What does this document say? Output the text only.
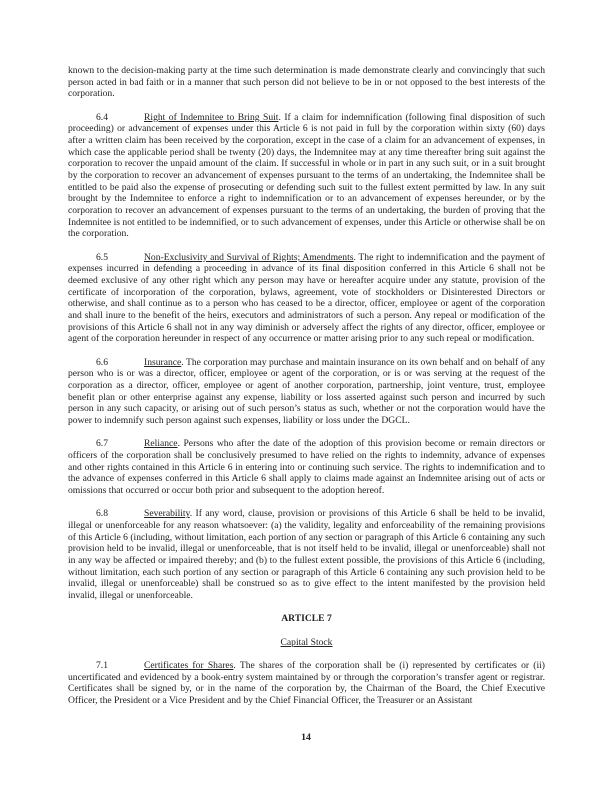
known to the decision-making party at the time such determination is made demonstrate clearly and convincingly that such person acted in bad faith or in a manner that such person did not believe to be in or not opposed to the best interests of the corporation.

6.4	Right of Indemnitee to Bring Suit. If a claim for indemnification (following final disposition of such proceeding) or advancement of expenses under this Article 6 is not paid in full by the corporation within sixty (60) days after a written claim has been received by the corporation, except in the case of a claim for an advancement of expenses, in which case the applicable period shall be twenty (20) days, the Indemnitee may at any time thereafter bring suit against the corporation to recover the unpaid amount of the claim. If successful in whole or in part in any such suit, or in a suit brought by the corporation to recover an advancement of expenses pursuant to the terms of an undertaking, the Indemnitee shall be entitled to be paid also the expense of prosecuting or defending such suit to the fullest extent permitted by law. In any suit brought by the Indemnitee to enforce a right to indemnification or to an advancement of expenses hereunder, or by the corporation to recover an advancement of expenses pursuant to the terms of an undertaking, the burden of proving that the Indemnitee is not entitled to be indemnified, or to such advancement of expenses, under this Article or otherwise shall be on the corporation.

6.5	Non-Exclusivity and Survival of Rights; Amendments. The right to indemnification and the payment of expenses incurred in defending a proceeding in advance of its final disposition conferred in this Article 6 shall not be deemed exclusive of any other right which any person may have or hereafter acquire under any statute, provision of the certificate of incorporation of the corporation, bylaws, agreement, vote of stockholders or Disinterested Directors or otherwise, and shall continue as to a person who has ceased to be a director, officer, employee or agent of the corporation and shall inure to the benefit of the heirs, executors and administrators of such a person. Any repeal or modification of the provisions of this Article 6 shall not in any way diminish or adversely affect the rights of any director, officer, employee or agent of the corporation hereunder in respect of any occurrence or matter arising prior to any such repeal or modification.

6.6	Insurance. The corporation may purchase and maintain insurance on its own behalf and on behalf of any person who is or was a director, officer, employee or agent of the corporation, or is or was serving at the request of the corporation as a director, officer, employee or agent of another corporation, partnership, joint venture, trust, employee benefit plan or other enterprise against any expense, liability or loss asserted against such person and incurred by such person in any such capacity, or arising out of such person’s status as such, whether or not the corporation would have the power to indemnify such person against such expenses, liability or loss under the DGCL.

6.7	Reliance. Persons who after the date of the adoption of this provision become or remain directors or officers of the corporation shall be conclusively presumed to have relied on the rights to indemnity, advance of expenses and other rights contained in this Article 6 in entering into or continuing such service. The rights to indemnification and to the advance of expenses conferred in this Article 6 shall apply to claims made against an Indemnitee arising out of acts or omissions that occurred or occur both prior and subsequent to the adoption hereof.

6.8	Severability. If any word, clause, provision or provisions of this Article 6 shall be held to be invalid, illegal or unenforceable for any reason whatsoever: (a) the validity, legality and enforceability of the remaining provisions of this Article 6 (including, without limitation, each portion of any section or paragraph of this Article 6 containing any such provision held to be invalid, illegal or unenforceable, that is not itself held to be invalid, illegal or unenforceable) shall not in any way be affected or impaired thereby; and (b) to the fullest extent possible, the provisions of this Article 6 (including, without limitation, each such portion of any section or paragraph of this Article 6 containing any such provision held to be invalid, illegal or unenforceable) shall be construed so as to give effect to the intent manifested by the provision held invalid, illegal or unenforceable.

ARTICLE 7
Capital Stock

7.1	Certificates for Shares. The shares of the corporation shall be (i) represented by certificates or (ii) uncertificated and evidenced by a book-entry system maintained by or through the corporation’s transfer agent or registrar. Certificates shall be signed by, or in the name of the corporation by, the Chairman of the Board, the Chief Executive Officer, the President or a Vice President and by the Chief Financial Officer, the Treasurer or an Assistant

14
